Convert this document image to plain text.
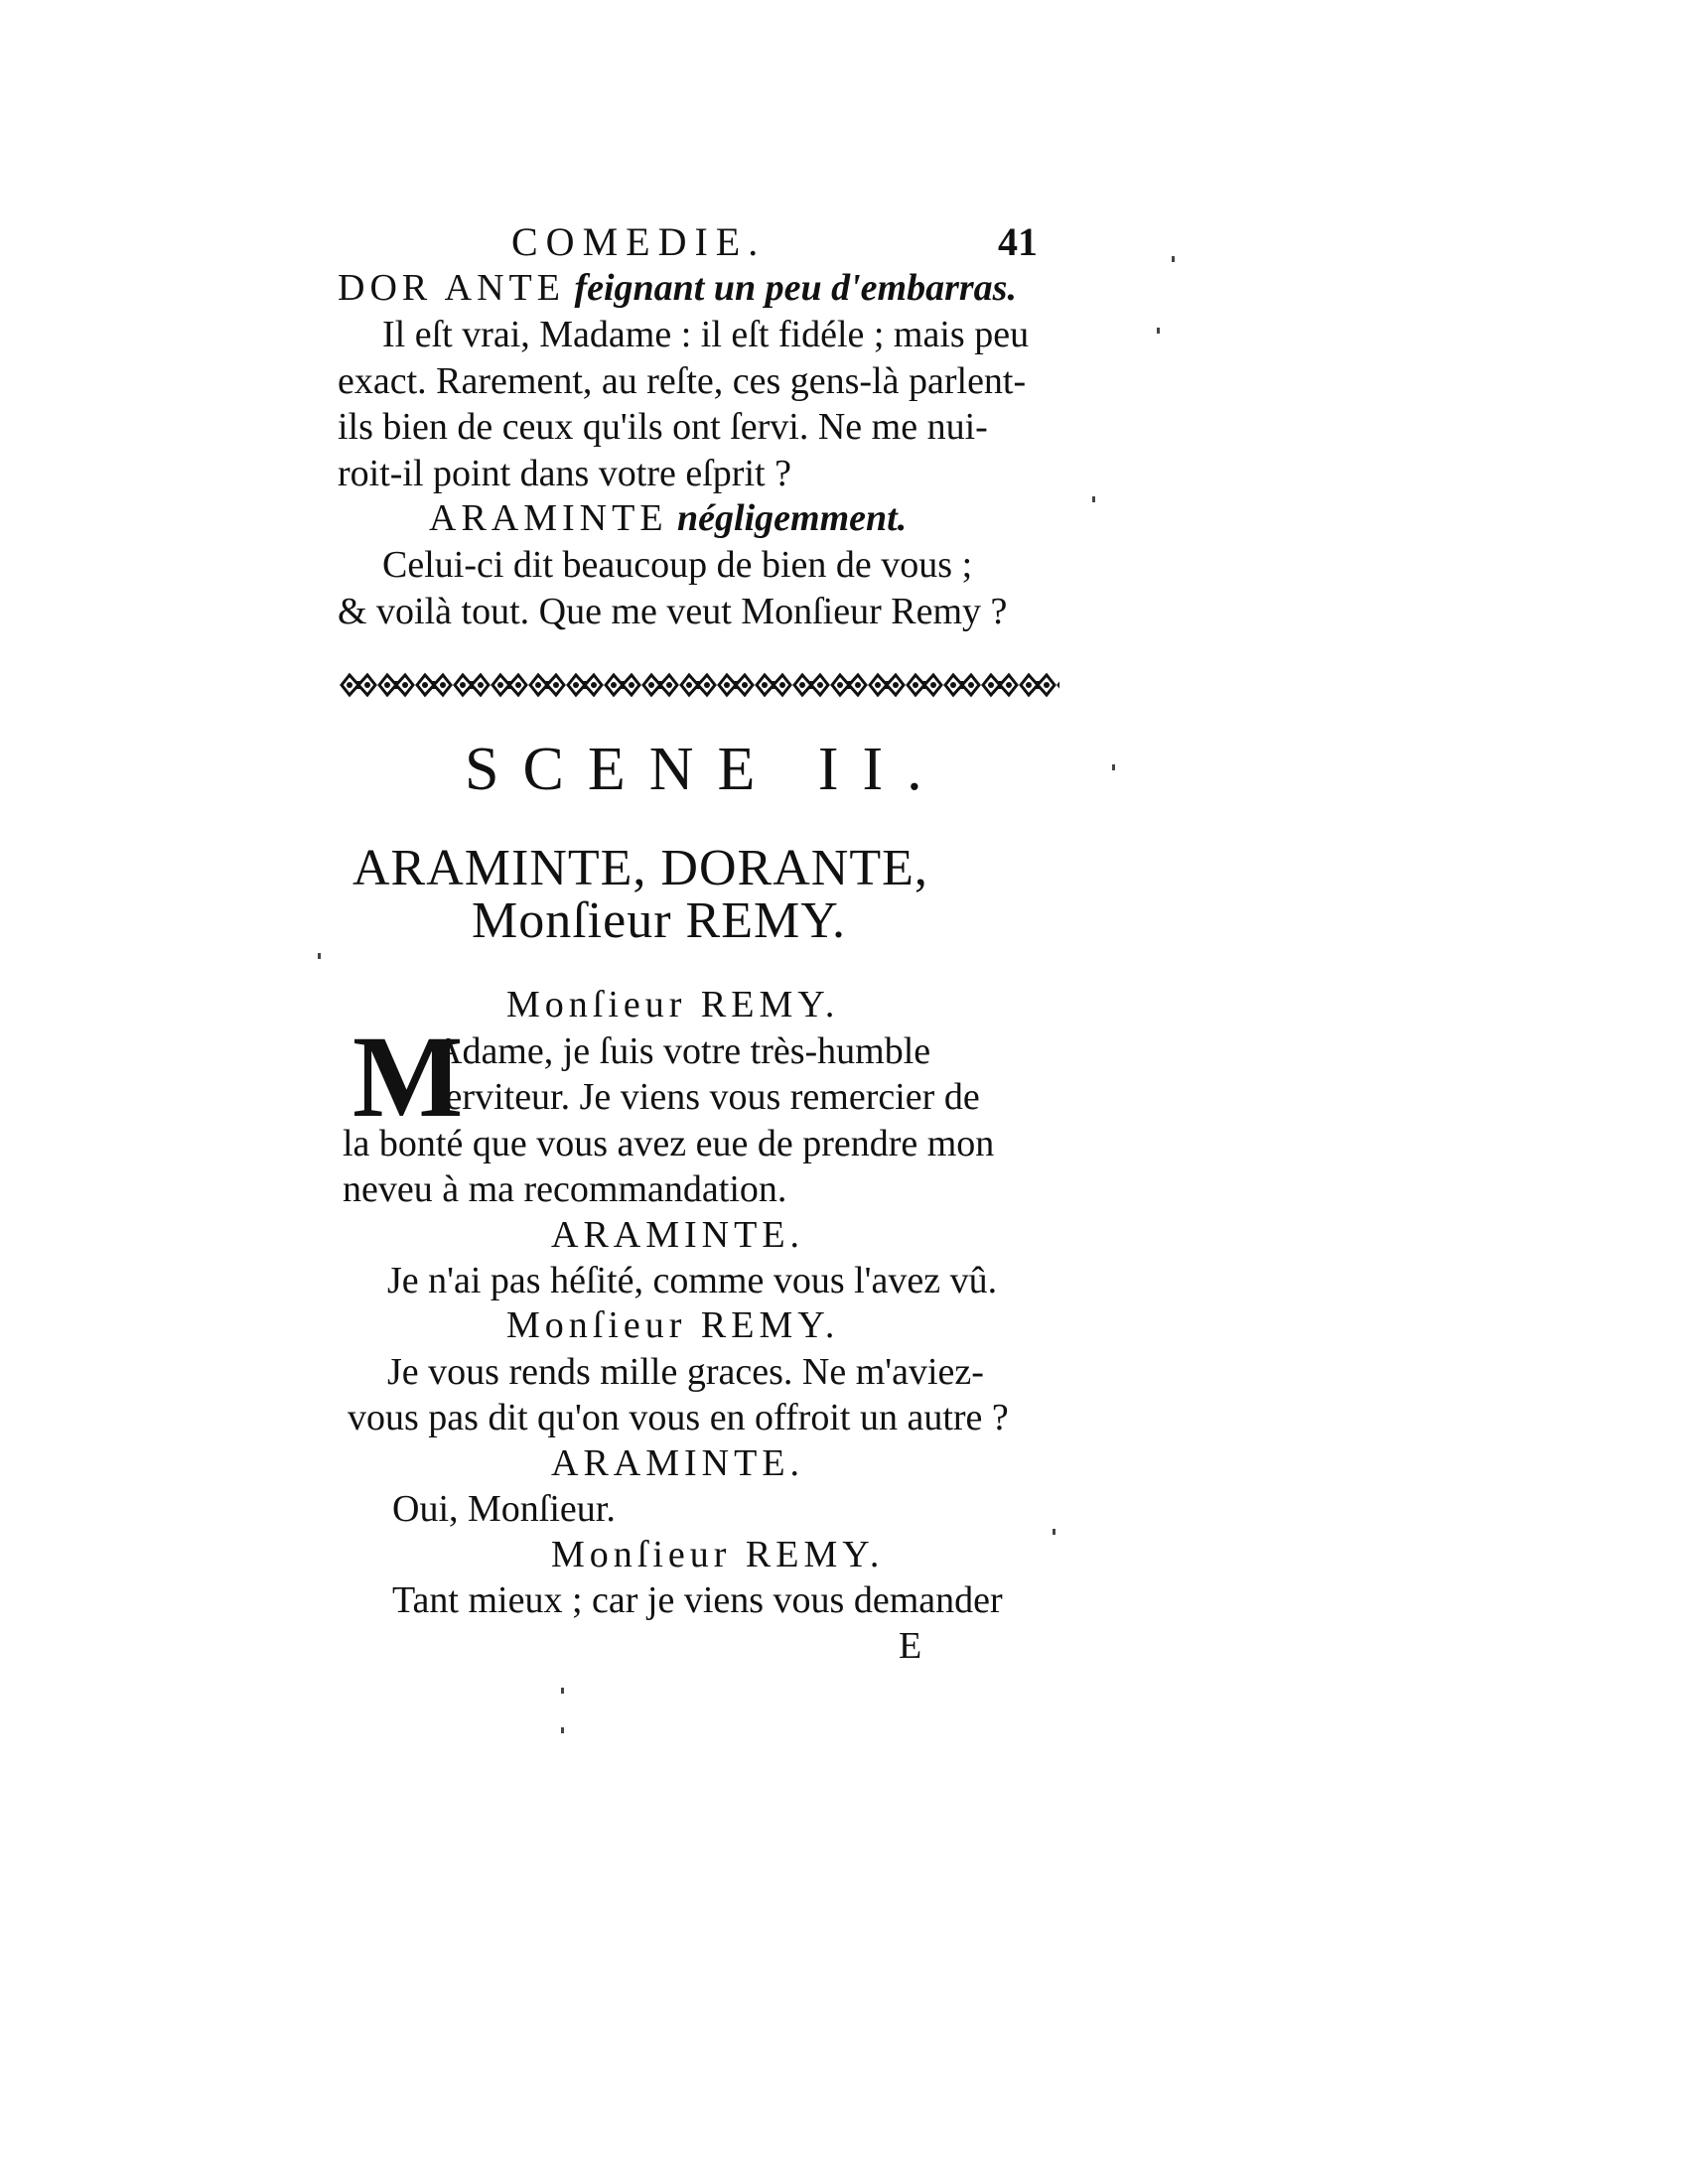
COMEDIE.	41
DOR ANTE feignant un peu d'embarras.
Il eſt vrai, Madame : il eſt fidéle ; mais peu
exact. Rarement, au reſte, ces gens-là parlent-
ils bien de ceux qu'ils ont ſervi. Ne me nui-
roit-il point dans votre eſprit ?
ARAMINTE négligemment.
Celui-ci dit beaucoup de bien de vous ;
& voilà tout. Que me veut Monſieur Remy ?
SCENE II.
ARAMINTE, DORANTE,
Monſieur REMY.
Monſieur REMY.
M
Adame, je ſuis votre très-humble
ſerviteur. Je viens vous remercier de
la bonté que vous avez eue de prendre mon
neveu à ma recommandation.
ARAMINTE.
Je n'ai pas héſité, comme vous l'avez vû.
Monſieur REMY.
Je vous rends mille graces. Ne m'aviez-
vous pas dit qu'on vous en offroit un autre ?
ARAMINTE.
Oui, Monſieur.
Monſieur REMY.
Tant mieux ; car je viens vous demander
E
